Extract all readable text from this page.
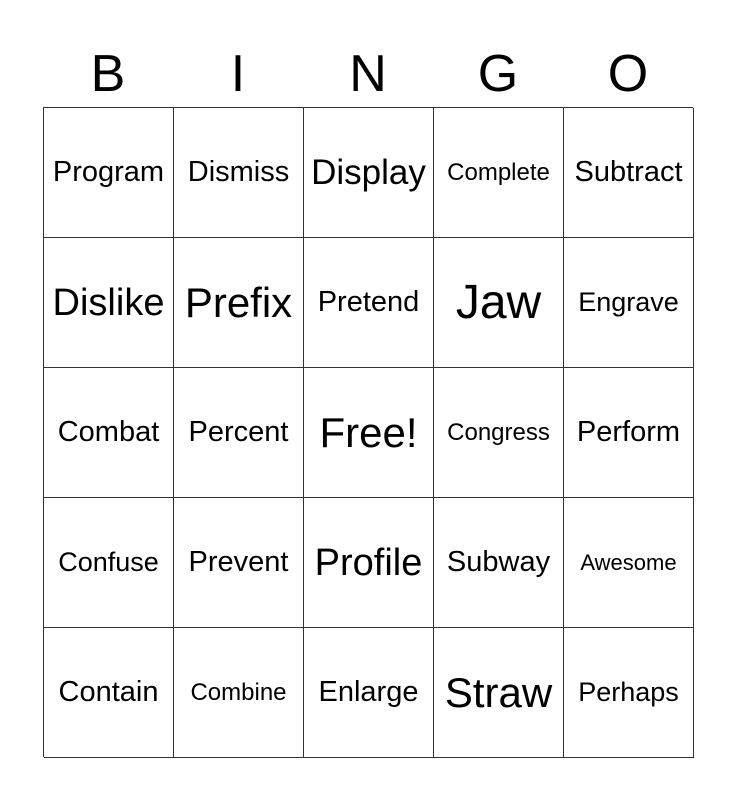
B	I	N	G	O
Program Dismiss Display Complete Subtract
Dislike Prefix Pretend Jaw Engrave
Combat Percent Free! Congress Perform
Confuse Prevent Profile Subway Awesome
Contain Combine Enlarge Straw Perhaps
